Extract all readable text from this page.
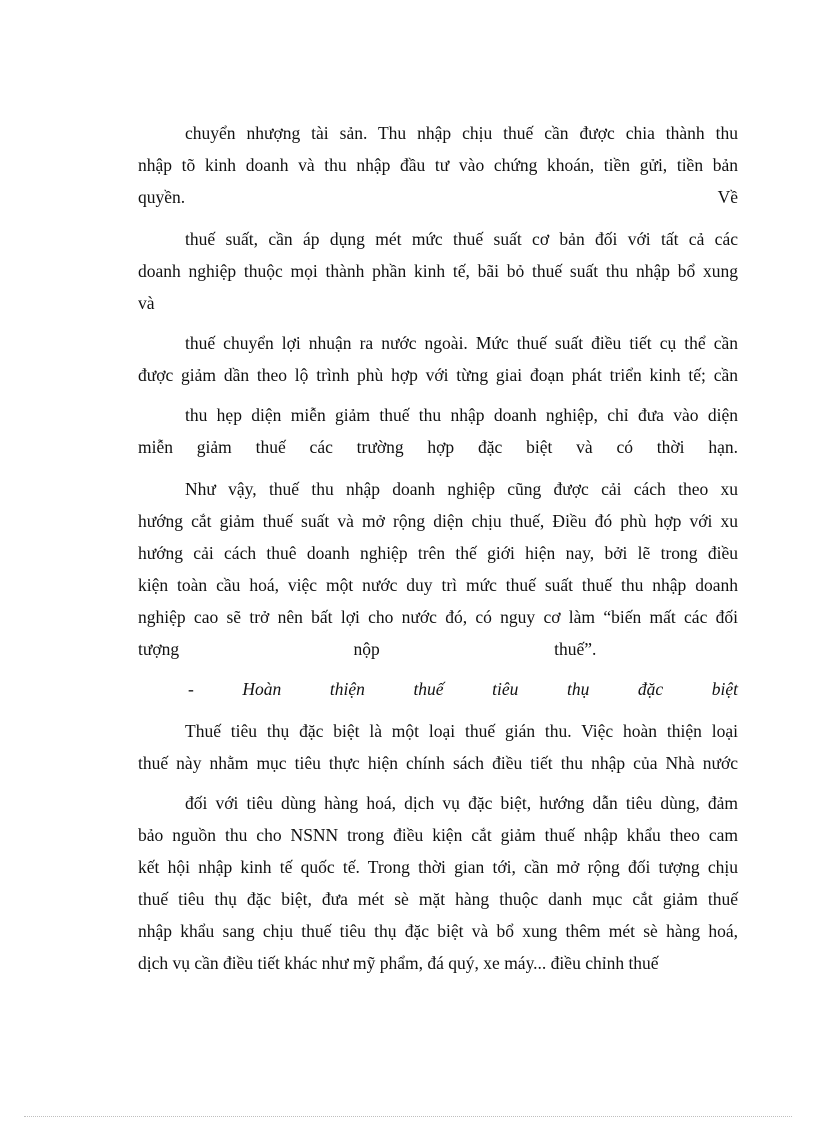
chuyển nhượng tài sản. Thu nhập chịu thuế cần được chia thành thu
nhập tõ kinh doanh và thu nhập đầu tư vào chứng khoán, tiền gửi, tiền bản
quyền.                                                                                                                Về
thuế suất, cần áp dụng mét mức thuế suất cơ bản đối với tất cả các
doanh nghiệp thuộc mọi thành phần kinh tế, bãi bỏ thuế suất thu nhập bổ xung
và
thuế chuyển lợi nhuận ra nước ngoài. Mức thuế suất điều tiết cụ thể cần
được giảm dần theo lộ trình phù hợp với từng giai đoạn phát triển kinh tế; cần
thu hẹp diện miễn giảm thuế thu nhập doanh nghiệp, chỉ đưa vào diện
miễn giảm thuế các trường hợp đặc biệt và có thời hạn.
Như vậy, thuế thu nhập doanh nghiệp cũng được cải cách theo xu
hướng cắt giảm thuế suất và mở rộng diện chịu thuế, Điều đó phù hợp với xu
hướng cải cách thuê doanh nghiệp trên thế giới hiện nay, bởi lẽ trong điều
kiện toàn cầu hoá, việc một nước duy trì mức thuế suất thuế thu nhập doanh
nghiệp cao sẽ trở nên bất lợi cho nước đó, có nguy cơ làm “biến mất các đối
tượng nộp thuế”.
- Hoàn thiện thuế tiêu thụ đặc biệt
Thuế tiêu thụ đặc biệt là một loại thuế gián thu. Việc hoàn thiện loại
thuế này nhằm mục tiêu thực hiện chính sách điều tiết thu nhập của Nhà nước
đối với tiêu dùng hàng hoá, dịch vụ đặc biệt, hướng dẫn tiêu dùng, đảm
bảo nguồn thu cho NSNN trong điều kiện cắt giảm thuế nhập khẩu theo cam
kết hội nhập kinh tế quốc tế. Trong thời gian tới, cần mở rộng đối tượng chịu
thuế tiêu thụ đặc biệt, đưa mét sè mặt hàng thuộc danh mục cắt giảm thuế
nhập khẩu sang chịu thuế tiêu thụ đặc biệt và bổ xung thêm mét sè hàng hoá,
dịch vụ cần điều tiết khác như mỹ phẩm, đá quý, xe máy... điều chỉnh thuế
